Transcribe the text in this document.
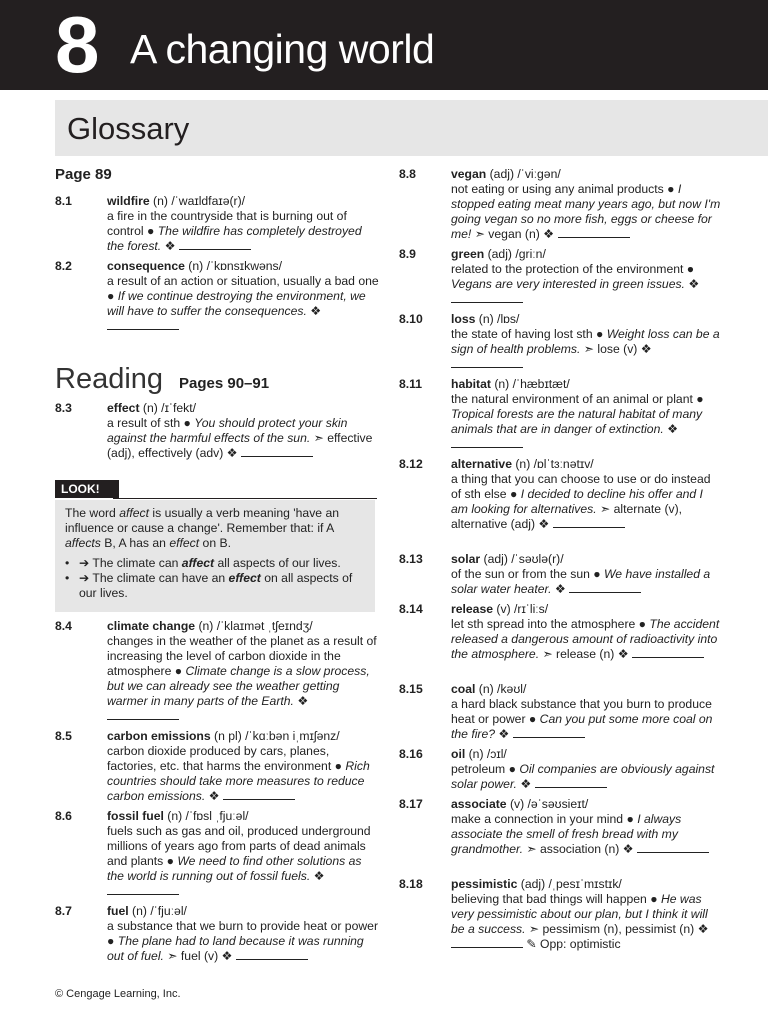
8 A changing world
Glossary
Page 89
8.1	wildfire (n) /ˈwaɪldfaɪə(r)/
a fire in the countryside that is burning out of control ● The wildfire has completely destroyed the forest. ❖
8.2	consequence (n) /ˈkɒnsɪkwəns/
a result of an action or situation, usually a bad one ● If we continue destroying the environment, we will have to suffer the consequences. ❖
Reading Pages 90–91
8.3	effect (n) /ɪˈfekt/
a result of sth ● You should protect your skin against the harmful effects of the sun. ➣ effective (adj), effectively (adv) ❖
LOOK!
The word affect is usually a verb meaning 'have an influence or cause a change'. Remember that: if A affects B, A has an effect on B.
• ➔ The climate can affect all aspects of our lives.
• ➔ The climate can have an effect on all aspects of our lives.
8.4	climate change (n) /ˈklaɪmət ˌtʃeɪndʒ/
changes in the weather of the planet as a result of increasing the level of carbon dioxide in the atmosphere ● Climate change is a slow process, but we can already see the weather getting warmer in many parts of the Earth. ❖
8.5	carbon emissions (n pl) /ˈkɑːbən iˌmɪʃənz/
carbon dioxide produced by cars, planes, factories, etc. that harms the environment ● Rich countries should take more measures to reduce carbon emissions. ❖
8.6	fossil fuel (n) /ˈfɒsl ˌfjuːəl/
fuels such as gas and oil, produced underground millions of years ago from parts of dead animals and plants ● We need to find other solutions as the world is running out of fossil fuels. ❖
8.7	fuel (n) /ˈfjuːəl/
a substance that we burn to provide heat or power ● The plane had to land because it was running out of fuel. ➣ fuel (v) ❖
8.8	vegan (adj) /ˈviːɡən/
not eating or using any animal products ● I stopped eating meat many years ago, but now I'm going vegan so no more fish, eggs or cheese for me! ➣ vegan (n) ❖
8.9	green (adj) /ɡriːn/
related to the protection of the environment ● Vegans are very interested in green issues. ❖
8.10 loss (n) /lɒs/
the state of having lost sth ● Weight loss can be a sign of health problems. ➣ lose (v) ❖
8.11 habitat (n) /ˈhæbɪtæt/
the natural environment of an animal or plant ● Tropical forests are the natural habitat of many animals that are in danger of extinction. ❖
8.12 alternative (n) /ɒlˈtɜːnətɪv/
a thing that you can choose to use or do instead of sth else ● I decided to decline his offer and I am looking for alternatives. ➣ alternate (v), alternative (adj) ❖
8.13 solar (adj) /ˈsəʊlə(r)/
of the sun or from the sun ● We have installed a solar water heater. ❖
8.14 release (v) /rɪˈliːs/
let sth spread into the atmosphere ● The accident released a dangerous amount of radioactivity into the atmosphere. ➣ release (n) ❖
8.15 coal (n) /kəʊl/
a hard black substance that you burn to produce heat or power ● Can you put some more coal on the fire? ❖
8.16 oil (n) /ɔɪl/
petroleum ● Oil companies are obviously against solar power. ❖
8.17 associate (v) /əˈsəʊsieɪt/
make a connection in your mind ● I always associate the smell of fresh bread with my grandmother. ➣ association (n) ❖
8.18 pessimistic (adj) /ˌpesɪˈmɪstɪk/
believing that bad things will happen ● He was very pessimistic about our plan, but I think it will be a success. ➣ pessimism (n), pessimist (n) ❖  ✎ Opp: optimistic
© Cengage Learning, Inc.
